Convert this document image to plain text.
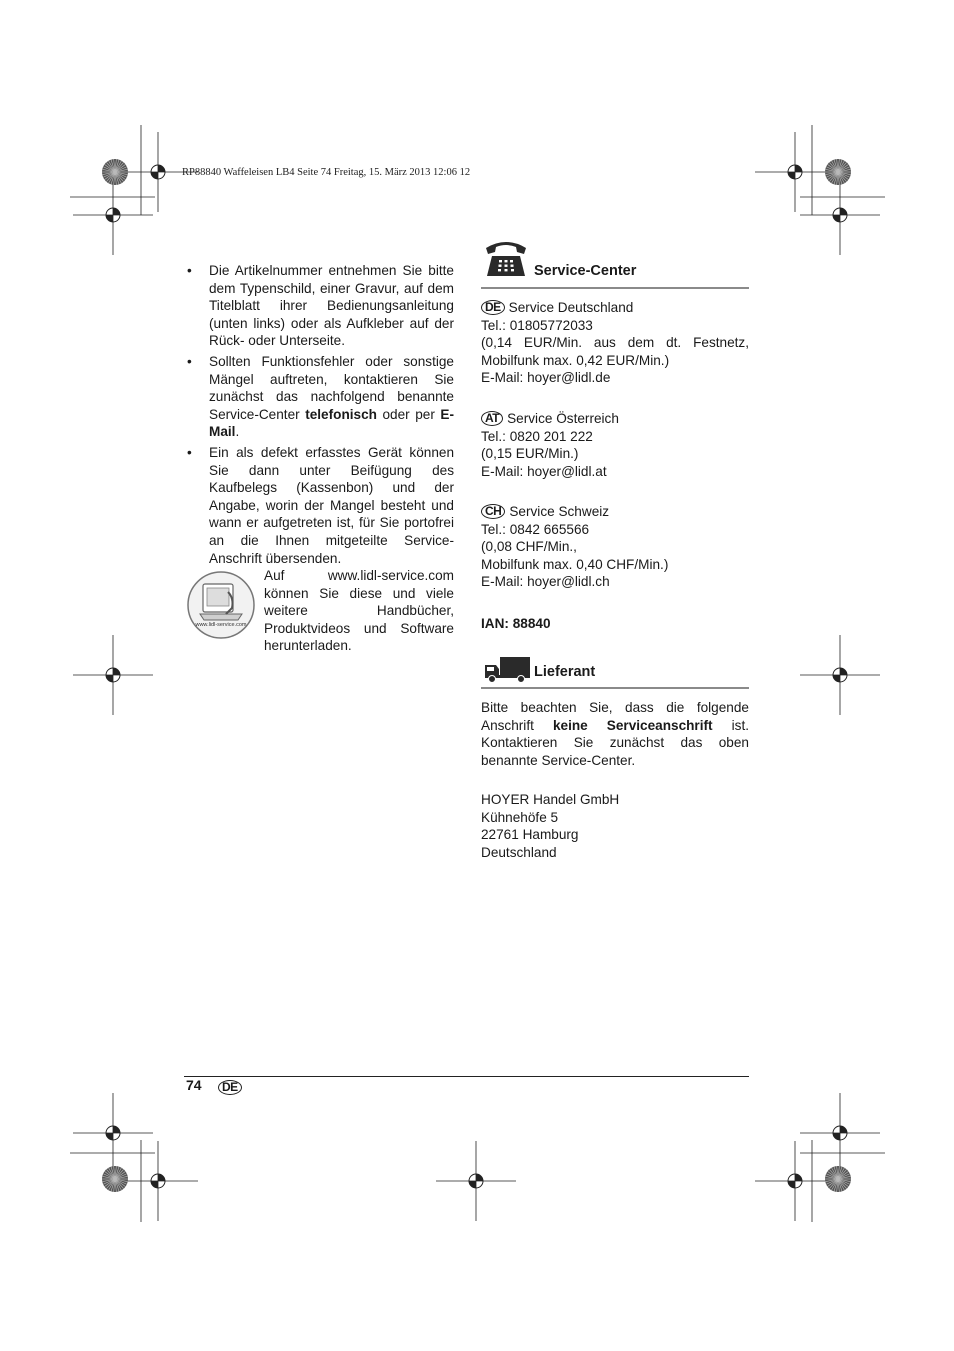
RP88840 Waffeleisen LB4 Seite 74 Freitag, 15. März 2013 12:06 12
• Die Artikelnummer entnehmen Sie bitte dem Typenschild, einer Gravur, auf dem Titelblatt ihrer Bedienungsanleitung (unten links) oder als Aufkleber auf der Rück- oder Unterseite.
• Sollten Funktionsfehler oder sonstige Mängel auftreten, kontaktieren Sie zunächst das nachfolgend benannte Service-Center telefonisch oder per E-Mail.
• Ein als defekt erfasstes Gerät können Sie dann unter Beifügung des Kaufbelegs (Kassenbon) und der Angabe, worin der Mangel besteht und wann er aufgetreten ist, für Sie portofrei an die Ihnen mitgeteilte Service-Anschrift übersenden.
www.lidl-service.com
Auf www.lidl-service.com können Sie diese und viele weitere Handbücher, Produktvideos und Software herunterladen.
Service-Center

DE Service Deutschland

Tel.: 01805772033

(0,14 EUR/Min. aus dem dt. Festnetz, Mobilfunk max. 0,42 EUR/Min.)

E-Mail: hoyer@lidl.de

AT Service Österreich

Tel.: 0820 201 222

(0,15 EUR/Min.)

E-Mail: hoyer@lidl.at

CH Service Schweiz

Tel.: 0842 665566

(0,08 CHF/Min.,

Mobilfunk max. 0,40 CHF/Min.)

E-Mail: hoyer@lidl.ch

IAN: 88840
Lieferant
Bitte beachten Sie, dass die folgende Anschrift keine Serviceanschrift ist. Kontaktieren Sie zunächst das oben benannte Service-Center.

HOYER Handel GmbH

Kühnehöfe 5

22761 Hamburg

Deutschland

74	DE
